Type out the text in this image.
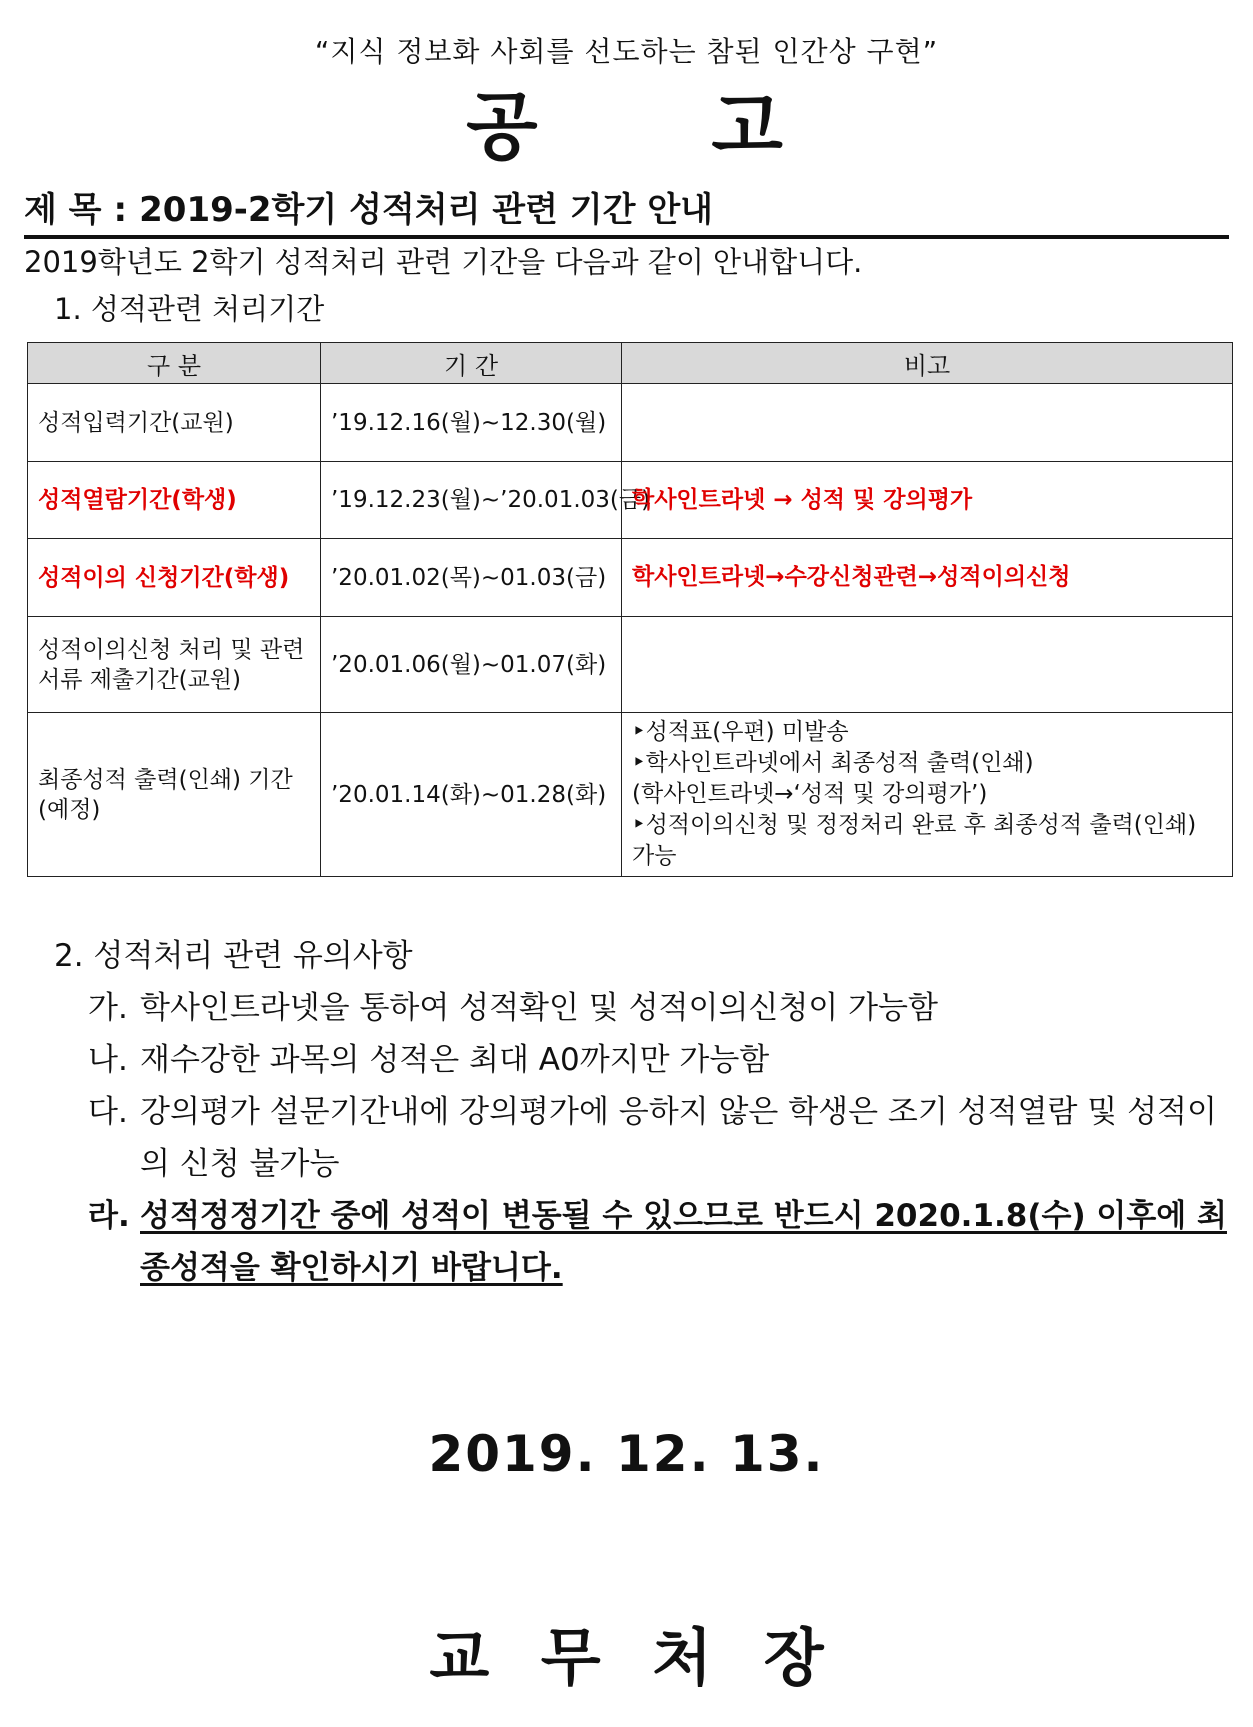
“지식 정보화 사회를 선도하는 참된 인간상 구현”
공 고
제 목 : 2019-2학기 성적처리 관련 기간 안내
2019학년도 2학기 성적처리 관련 기간을 다음과 같이 안내합니다.
1. 성적관련 처리기간
구 분	기 간	비고
성적입력기간(교원)	’19.12.16(월)~12.30(월)	
성적열람기간(학생)	’19.12.23(월)~’20.01.03(금)	학사인트라넷 → 성적 및 강의평가

성적이의 신청기간(학생)	’20.01.02(목)~01.03(금)	학사인트라넷→수강신청관련→성적이의신청

성적이의신청 처리 및 관련서류 제출기간(교원)	’20.01.06(월)~01.07(화)	
최종성적 출력(인쇄) 기간(예정)	’20.01.14(화)~01.28(화)	‣성적표(우편) 미발송
‣학사인트라넷에서 최종성적 출력(인쇄)
(학사인트라넷→‘성적 및 강의평가’)
‣성적이의신청 및 정정처리 완료 후 최종성적 출력(인쇄) 가능
2. 성적처리 관련 유의사항
가. 학사인트라넷을 통하여 성적확인 및 성적이의신청이 가능함
나. 재수강한 과목의 성적은 최대 A0까지만 가능함
다. 강의평가 설문기간내에 강의평가에 응하지 않은 학생은 조기 성적열람 및 성적이의 신청 불가능
라. 성적정정기간 중에 성적이 변동될 수 있으므로 반드시 2020.1.8(수) 이후에 최종성적을 확인하시기 바랍니다.
2019. 12. 13.
교 무 처 장
